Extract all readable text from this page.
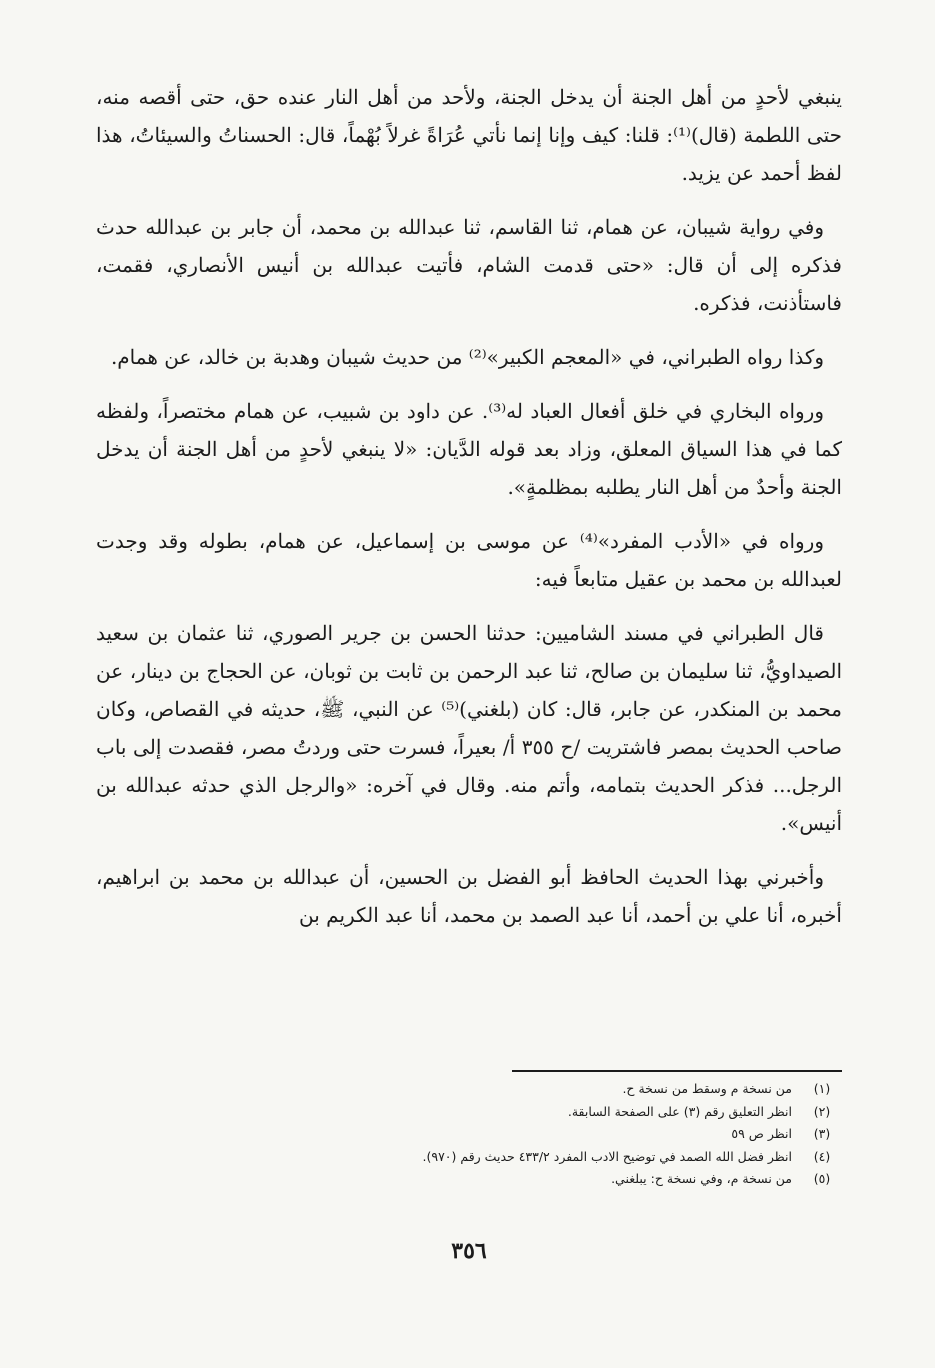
ينبغي لأحدٍ من أهل الجنة أن يدخل الجنة، ولأحد من أهل النار عنده حق، حتى أقصه منه، حتى اللطمة (قال)⁽¹⁾: قلنا: كيف وإنا إنما نأتي عُرَاةً غرلاً بُهْماً، قال: الحسناتُ والسيئاتُ، هذا لفظ أحمد عن يزيد.

وفي رواية شيبان، عن همام، ثنا القاسم، ثنا عبدالله بن محمد، أن جابر بن عبدالله حدث فذكره إلى أن قال: «حتى قدمت الشام، فأتيت عبدالله بن أنيس الأنصاري، فقمت، فاستأذنت، فذكره.

وكذا رواه الطبراني، في «المعجم الكبير»⁽²⁾ من حديث شيبان وهدبة بن خالد، عن همام.

ورواه البخاري في خلق أفعال العباد له⁽³⁾. عن داود بن شبيب، عن همام مختصراً، ولفظه كما في هذا السياق المعلق، وزاد بعد قوله الدَّيان: «لا ينبغي لأحدٍ من أهل الجنة أن يدخل الجنة وأحدٌ من أهل النار يطلبه بمظلمةٍ».

ورواه في «الأدب المفرد»⁽⁴⁾ عن موسى بن إسماعيل، عن همام، بطوله وقد وجدت لعبدالله بن محمد بن عقيل متابعاً فيه:

قال الطبراني في مسند الشاميين: حدثنا الحسن بن جرير الصوري، ثنا عثمان بن سعيد الصيداويُّ، ثنا سليمان بن صالح، ثنا عبد الرحمن بن ثابت بن ثوبان، عن الحجاج بن دينار، عن محمد بن المنكدر، عن جابر، قال: كان (بلغني)⁽⁵⁾ عن النبي، ﷺ، حديثه في القصاص، وكان صاحب الحديث بمصر فاشتريت /ح ٣٥٥ أ/ بعيراً، فسرت حتى وردتُ مصر، فقصدت إلى باب الرجل... فذكر الحديث بتمامه، وأتم منه. وقال في آخره: «والرجل الذي حدثه عبدالله بن أنيس».

وأخبرني بهذا الحديث الحافظ أبو الفضل بن الحسين، أن عبدالله بن محمد بن ابراهيم، أخبره، أنا علي بن أحمد، أنا عبد الصمد بن محمد، أنا عبد الكريم بن

(١)
من نسخة م وسقط من نسخة ح.
(٢)
انظر التعليق رقم (٣) على الصفحة السابقة.
(٣)
انظر ص ٥٩
(٤)
انظر فضل الله الصمد في توضيح الادب المفرد ٤٣٣/٢ حديث رقم (٩٧٠).
(٥)
من نسخة م، وفي نسخة ح: يبلغني.
٣٥٦
